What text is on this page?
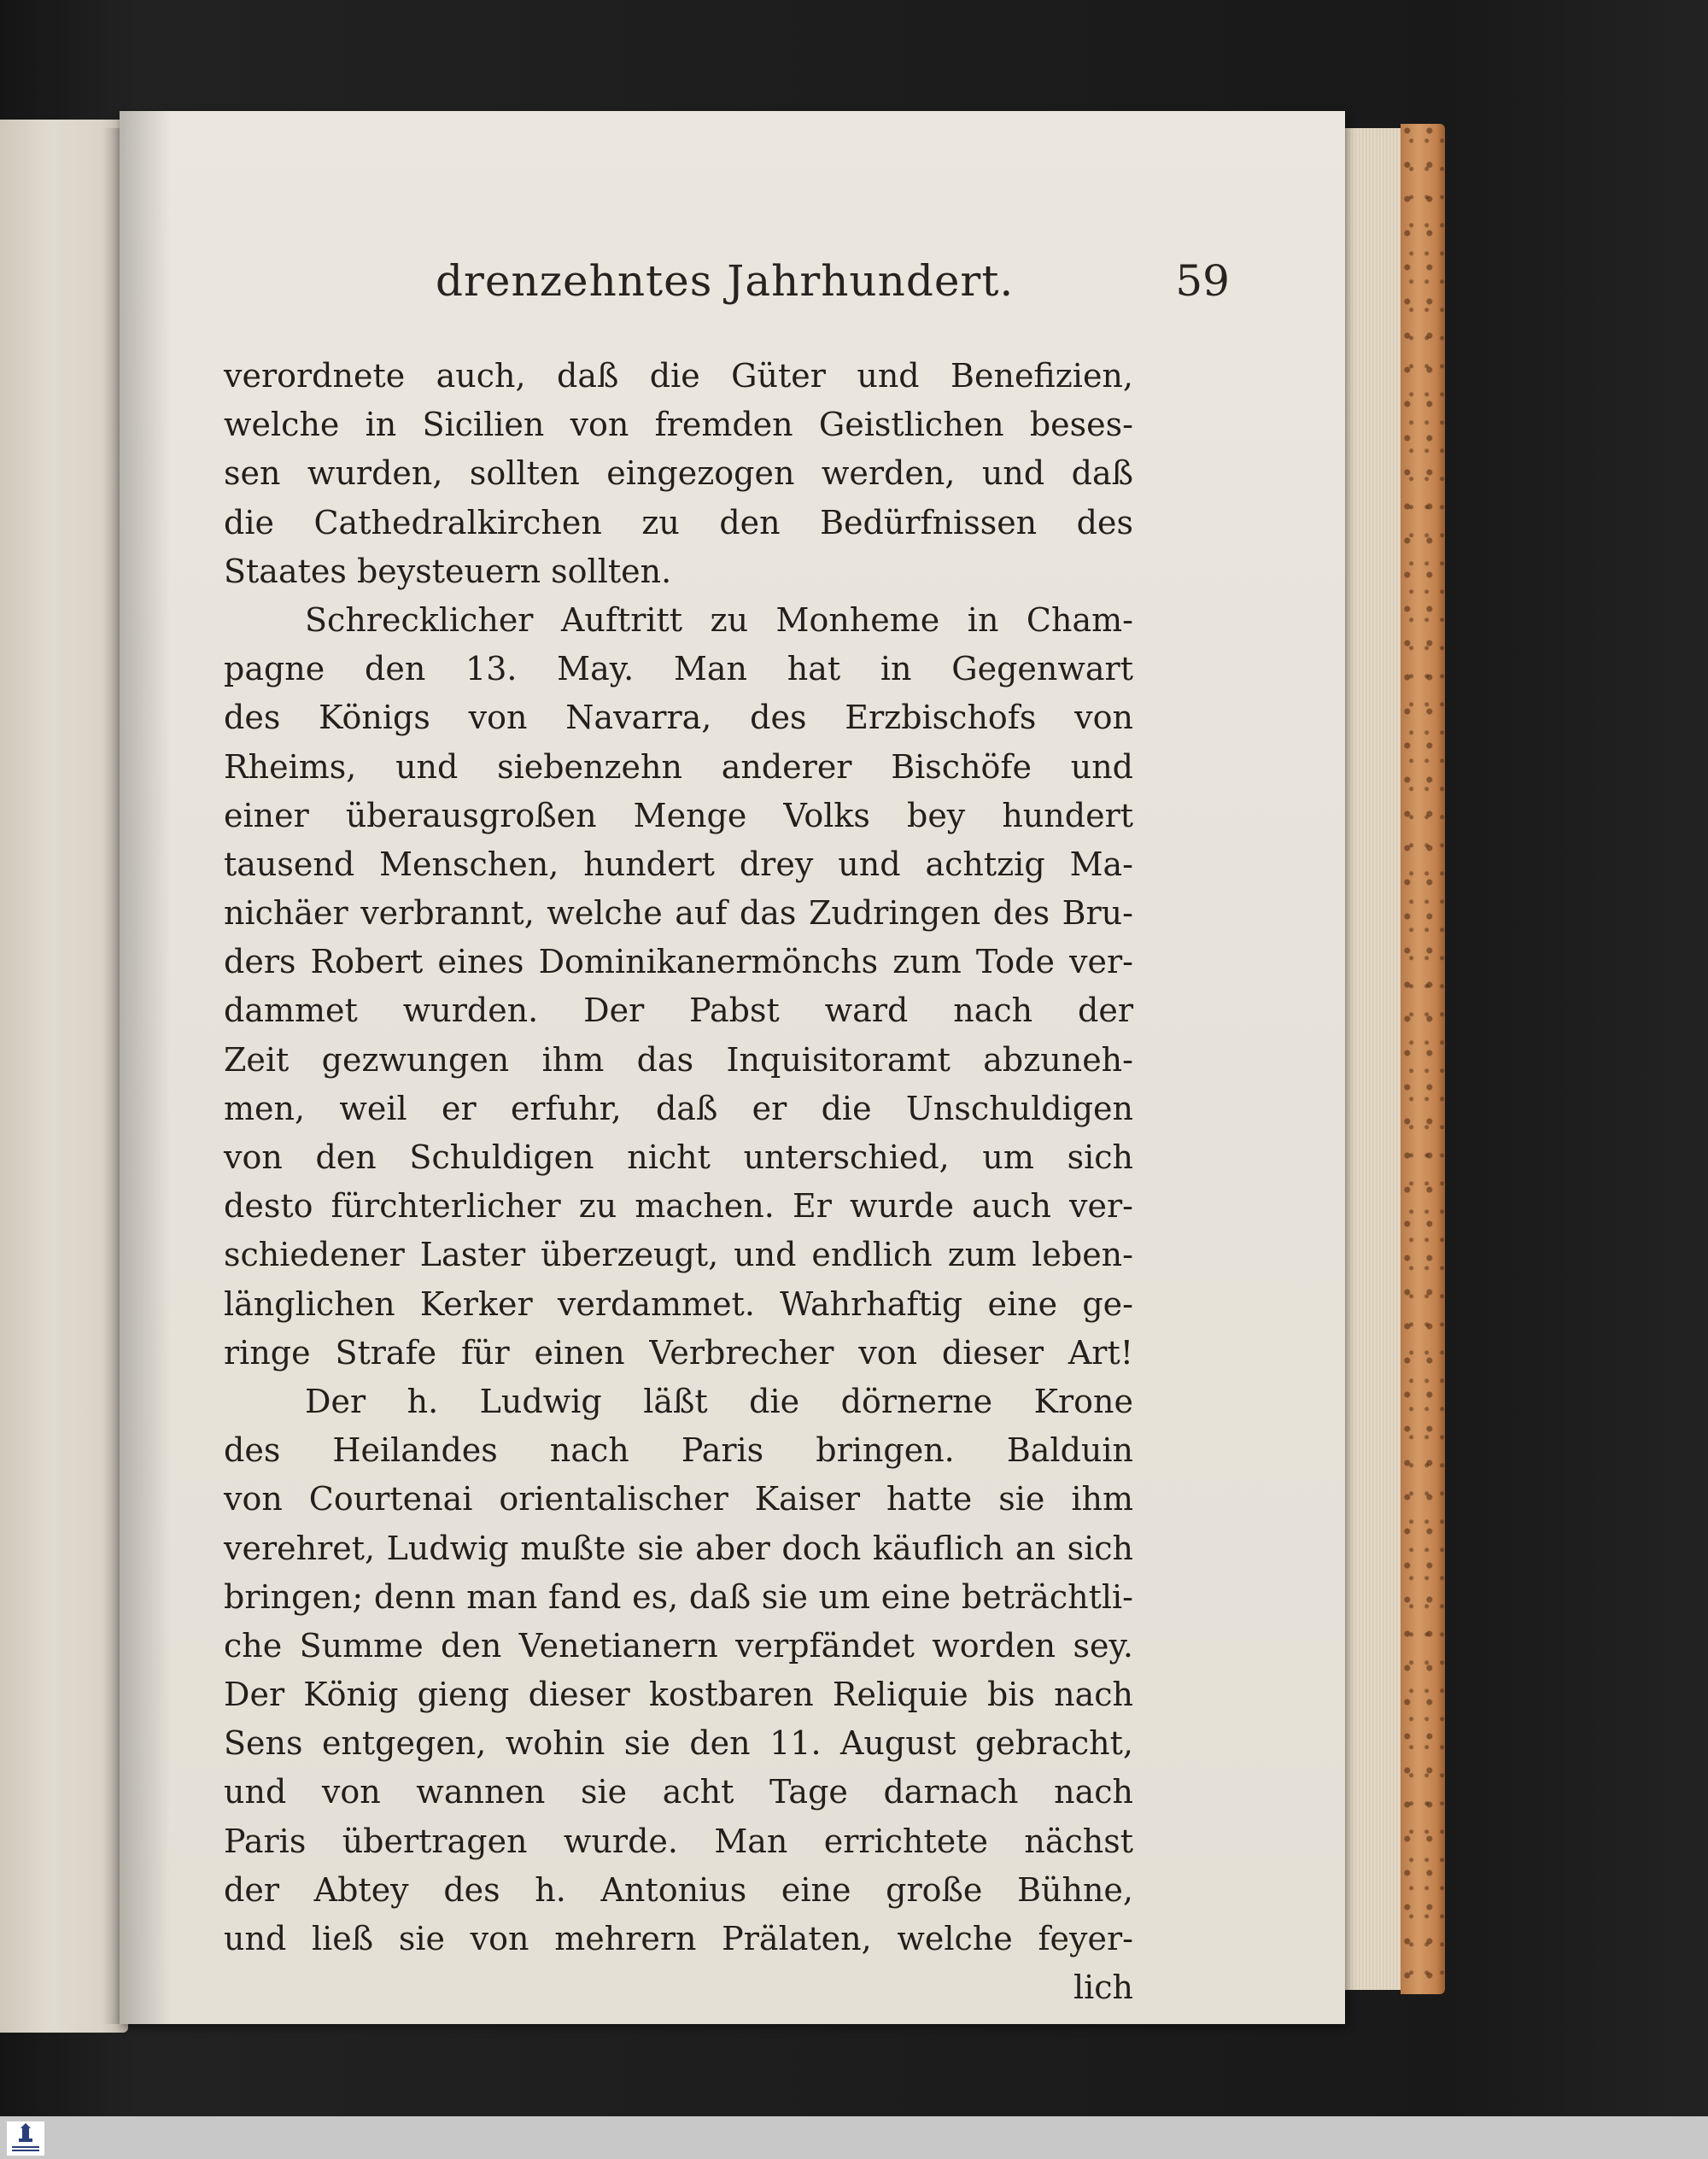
drenzehntes Jahrhundert.	59
verordnete auch, daß die Güter und Benefizien,
welche in Sicilien von fremden Geistlichen beses-
sen wurden, sollten eingezogen werden, und daß
die Cathedralkirchen zu den Bedürfnissen des
Staates beysteuern sollten.
Schrecklicher Auftritt zu Monheme in Cham-
pagne den 13. May. Man hat in Gegenwart
des Königs von Navarra, des Erzbischofs von
Rheims, und siebenzehn anderer Bischöfe und
einer überausgroßen Menge Volks bey hundert
tausend Menschen, hundert drey und achtzig Ma-
nichäer verbrannt, welche auf das Zudringen des Bru-
ders Robert eines Dominikanermönchs zum Tode ver-
dammet wurden. Der Pabst ward nach der
Zeit gezwungen ihm das Inquisitoramt abzuneh-
men, weil er erfuhr, daß er die Unschuldigen
von den Schuldigen nicht unterschied, um sich
desto fürchterlicher zu machen. Er wurde auch ver-
schiedener Laster überzeugt, und endlich zum leben-
länglichen Kerker verdammet. Wahrhaftig eine ge-
ringe Strafe für einen Verbrecher von dieser Art!
Der h. Ludwig läßt die dörnerne Krone
des Heilandes nach Paris bringen. Balduin
von Courtenai orientalischer Kaiser hatte sie ihm
verehret, Ludwig mußte sie aber doch käuflich an sich
bringen; denn man fand es, daß sie um eine beträchtli-
che Summe den Venetianern verpfändet worden sey.
Der König gieng dieser kostbaren Reliquie bis nach
Sens entgegen, wohin sie den 11. August gebracht,
und von wannen sie acht Tage darnach nach
Paris übertragen wurde. Man errichtete nächst
der Abtey des h. Antonius eine große Bühne,
und ließ sie von mehrern Prälaten, welche feyer-
lich
